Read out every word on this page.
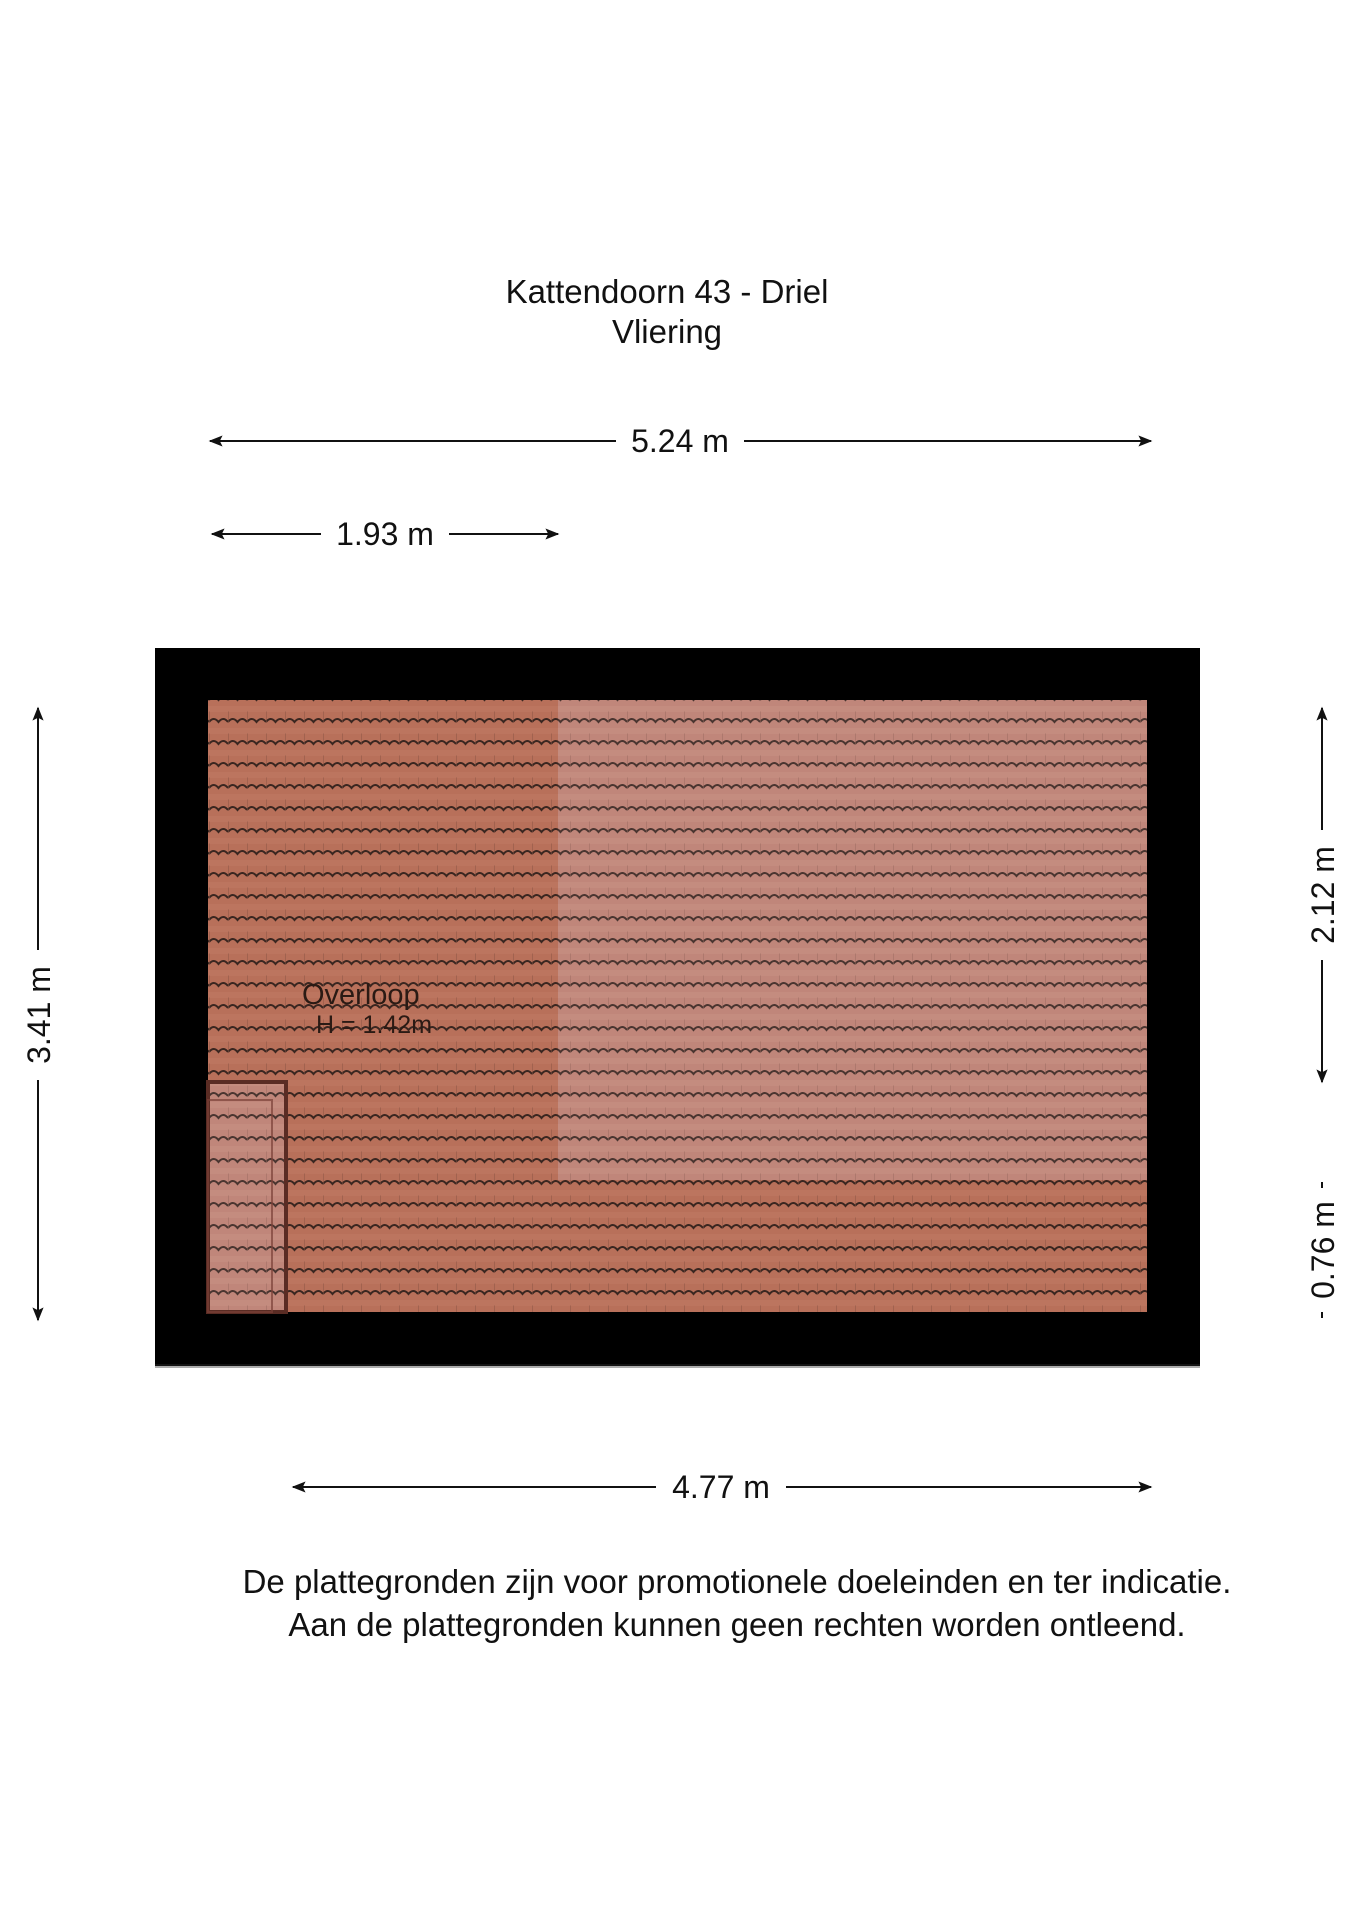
Kattendoorn 43 - Driel
Vliering
5.24 m
1.93 m
3.41 m
2.12 m
0.76 m
Overloop
H = 1.42m
4.77 m
De plattegronden zijn voor promotionele doeleinden en ter indicatie.
Aan de plattegronden kunnen geen rechten worden ontleend.
